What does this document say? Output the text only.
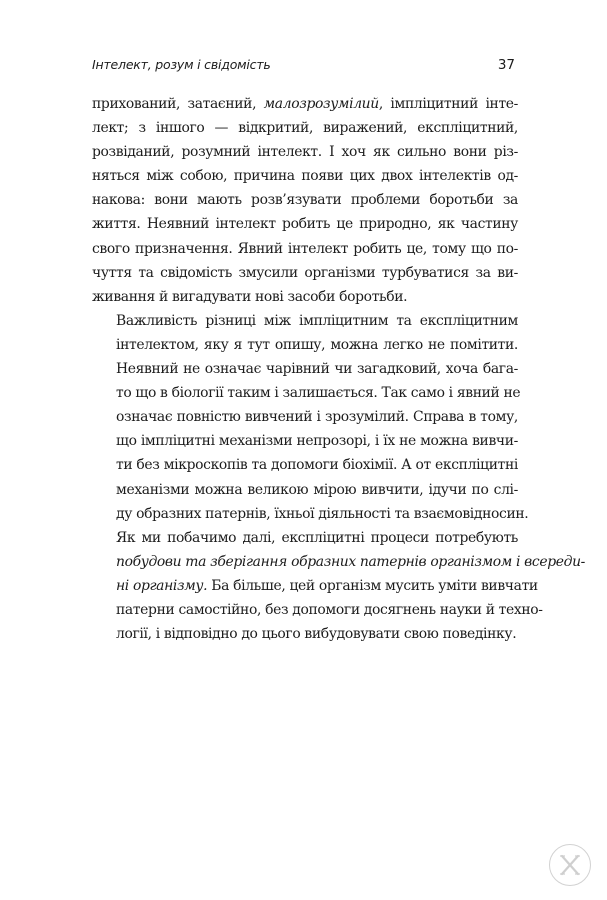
Інтелект, розум і свідомість	37

прихований, затаєний, малозрозумілий, імпліцитний інте-
лект; з іншого — відкритий, виражений, експліцитний,
розвіданий, розумний інтелект. І хоч як сильно вони різ-
няться між собою, причина появи цих двох інтелектів од-
накова: вони мають розв’язувати проблеми боротьби за
життя. Неявний інтелект робить це природно, як частину
свого призначення. Явний інтелект робить це, тому що по-
чуття та свідомість змусили організми турбуватися за ви-
живання й вигадувати нові засоби боротьби.

Важливість різниці між імпліцитним та експліцитним
інтелектом, яку я тут опишу, можна легко не помітити.
Неявний не означає чарівний чи загадковий, хоча бага-
то що в біології таким і залишається. Так само і явний не
означає повністю вивчений і зрозумілий. Справа в тому,
що імпліцитні механізми непрозорі, і їх не можна вивчи-
ти без мікроскопів та допомоги біохімії. А от експліцитні
механізми можна великою мірою вивчити, ідучи по слі-
ду образних патернів, їхньої діяльності та взаємовідносин.

Як ми побачимо далі, експліцитні процеси потребують
побудови та зберігання образних патернів організмом і всереди-
ні організму. Ба більше, цей організм мусить уміти вивчати
патерни самостійно, без допомоги досягнень науки й техно-
логії, і відповідно до цього вибудовувати свою поведінку.
